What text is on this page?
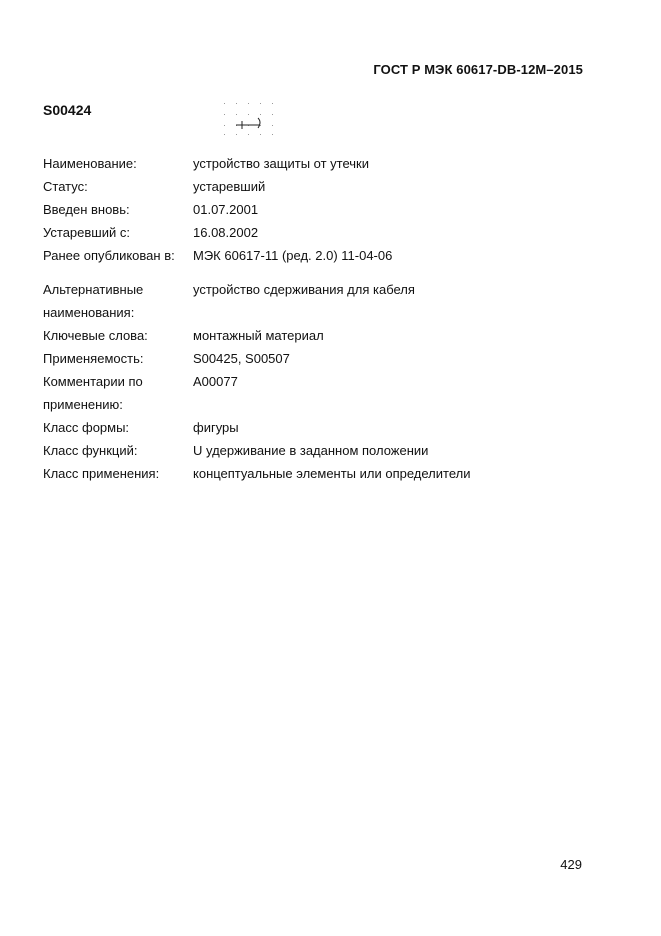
ГОСТ Р МЭК 60617-DB-12M–2015
S00424
Наименование:	устройство защиты от утечки
Статус:	устаревший
Введен вновь:	01.07.2001
Устаревший с:	16.08.2002
Ранее опубликован в:	МЭК 60617-11 (ред. 2.0) 11-04-06
Альтернативные	устройство сдерживания для кабеля
наименования:
Ключевые слова:	монтажный материал
Применяемость:	S00425, S00507
Комментарии по	A00077
применению:
Класс формы:	фигуры
Класс функций:	U удерживание в заданном положении
Класс применения:	концептуальные элементы или определители
429
